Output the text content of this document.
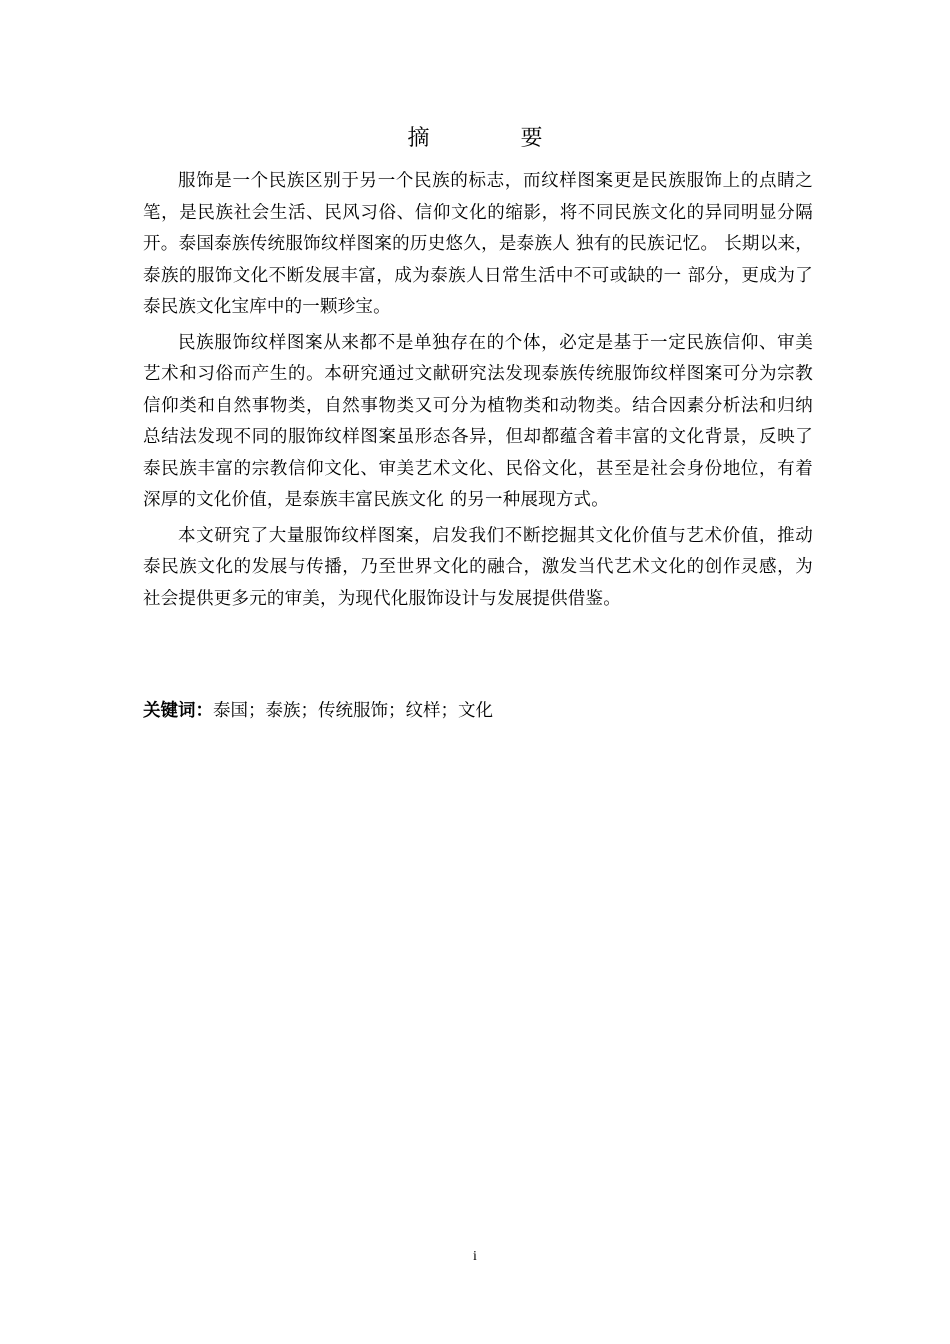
摘 要

服饰是一个民族区别于另一个民族的标志，而纹样图案更是民族服饰上的点睛之笔，是民族社会生活、民风习俗、信仰文化的缩影，将不同民族文化的异同明显分隔开。泰国泰族传统服饰纹样图案的历史悠久，是泰族人 独有的民族记忆。 长期以来，泰族的服饰文化不断发展丰富，成为泰族人日常生活中不可或缺的一 部分，更成为了泰民族文化宝库中的一颗珍宝。

民族服饰纹样图案从来都不是单独存在的个体，必定是基于一定民族信仰、审美艺术和习俗而产生的。本研究通过文献研究法发现泰族传统服饰纹样图案可分为宗教信仰类和自然事物类，自然事物类又可分为植物类和动物类。结合因素分析法和归纳总结法发现不同的服饰纹样图案虽形态各异，但却都蕴含着丰富的文化背景，反映了泰民族丰富的宗教信仰文化、审美艺术文化、民俗文化，甚至是社会身份地位，有着深厚的文化价值，是泰族丰富民族文化 的另一种展现方式。

本文研究了大量服饰纹样图案，启发我们不断挖掘其文化价值与艺术价值，推动泰民族文化的发展与传播，乃至世界文化的融合，激发当代艺术文化的创作灵感，为社会提供更多元的审美，为现代化服饰设计与发展提供借鉴。

关键词：泰国；泰族；传统服饰；纹样；文化
i
